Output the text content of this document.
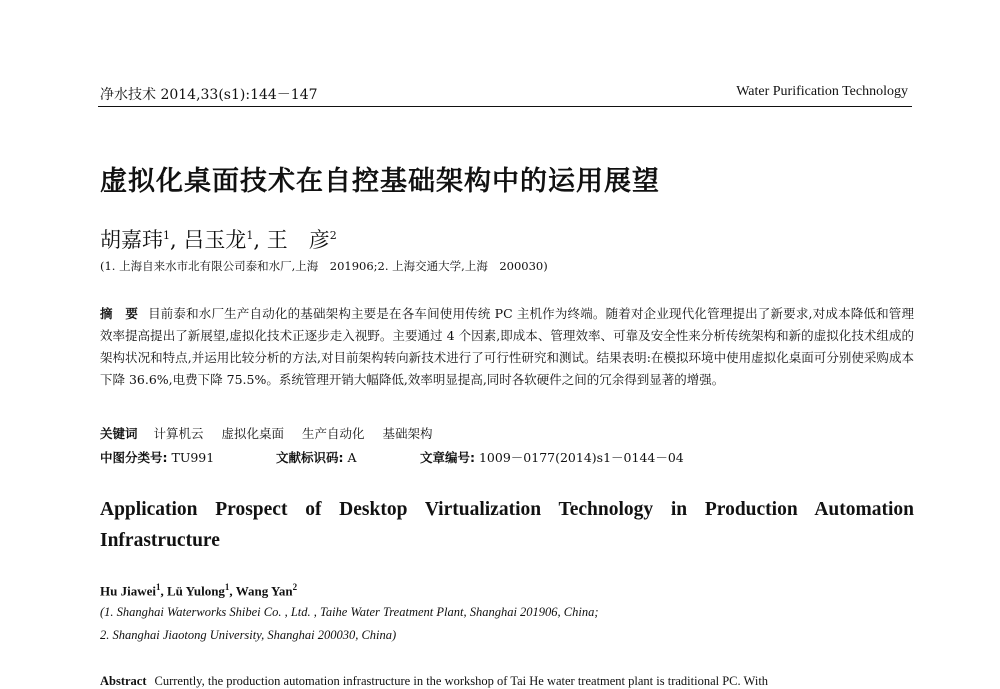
净水技术 2014,33(s1):144－147	Water Purification Technology
虚拟化桌面技术在自控基础架构中的运用展望
胡嘉玮$^1$, 吕玉龙$^1$, 王　彦$^2$
(1. 上海自来水市北有限公司泰和水厂,上海　201906;2. 上海交通大学,上海　200030)

摘　要 目前泰和水厂生产自动化的基础架构主要是在各车间使用传统 PC 主机作为终端。随着对企业现代化管理提出了新要求,对成本降低和管理效率提高提出了新展望,虚拟化技术正逐步走入视野。主要通过 4 个因素,即成本、管理效率、可靠及安全性来分析传统架构和新的虚拟化技术组成的架构状况和特点,并运用比较分析的方法,对目前架构转向新技术进行了可行性研究和测试。结果表明:在模拟环境中使用虚拟化桌面可分别使采购成本下降 36.6%,电费下降 75.5%。系统管理开销大幅降低,效率明显提高,同时各软硬件之间的冗余得到显著的增强。

关键词 计算机云 虚拟化桌面 生产自动化 基础架构
中图分类号: TU991	文献标识码: A	文章编号: 1009－0177(2014)s1－0144－04
Application Prospect of Desktop Virtualization Technology in Production Automation Infrastructure
Hu Jiawei$^1$, Lü Yulong$^1$, Wang Yan$^2$
(1. Shanghai Waterworks Shibei Co. , Ltd. , Taihe Water Treatment Plant, Shanghai 201906, China;
2. Shanghai Jiaotong University, Shanghai 200030, China)
Abstract Currently, the production automation infrastructure in the workshop of Tai He water treatment plant is traditional PC. With
